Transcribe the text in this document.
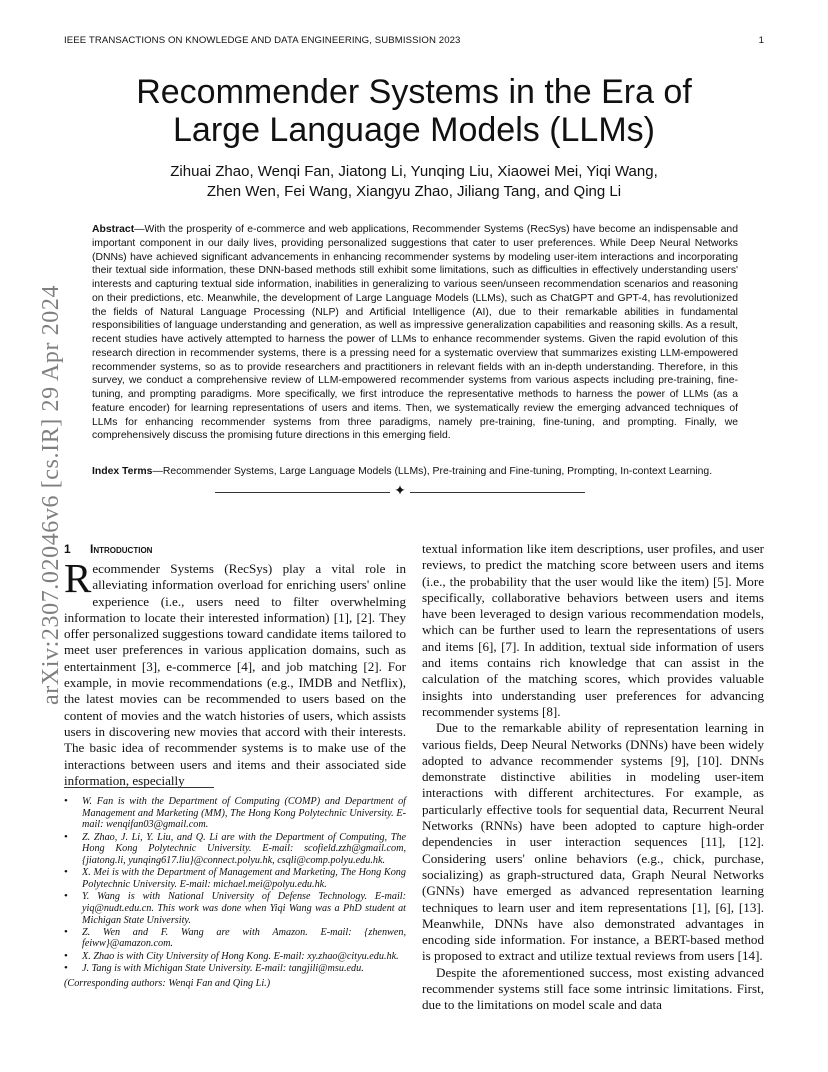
IEEE TRANSACTIONS ON KNOWLEDGE AND DATA ENGINEERING, SUBMISSION 2023	1
arXiv:2307.02046v6 [cs.IR] 29 Apr 2024
Recommender Systems in the Era of
Large Language Models (LLMs)
Zihuai Zhao, Wenqi Fan, Jiatong Li, Yunqing Liu, Xiaowei Mei, Yiqi Wang,
Zhen Wen, Fei Wang, Xiangyu Zhao, Jiliang Tang, and Qing Li
Abstract—With the prosperity of e-commerce and web applications, Recommender Systems (RecSys) have become an indispensable and important component in our daily lives, providing personalized suggestions that cater to user preferences. While Deep Neural Networks (DNNs) have achieved significant advancements in enhancing recommender systems by modeling user-item interactions and incorporating their textual side information, these DNN-based methods still exhibit some limitations, such as difficulties in effectively understanding users' interests and capturing textual side information, inabilities in generalizing to various seen/unseen recommendation scenarios and reasoning on their predictions, etc. Meanwhile, the development of Large Language Models (LLMs), such as ChatGPT and GPT-4, has revolutionized the fields of Natural Language Processing (NLP) and Artificial Intelligence (AI), due to their remarkable abilities in fundamental responsibilities of language understanding and generation, as well as impressive generalization capabilities and reasoning skills. As a result, recent studies have actively attempted to harness the power of LLMs to enhance recommender systems. Given the rapid evolution of this research direction in recommender systems, there is a pressing need for a systematic overview that summarizes existing LLM-empowered recommender systems, so as to provide researchers and practitioners in relevant fields with an in-depth understanding. Therefore, in this survey, we conduct a comprehensive review of LLM-empowered recommender systems from various aspects including pre-training, fine-tuning, and prompting paradigms. More specifically, we first introduce the representative methods to harness the power of LLMs (as a feature encoder) for learning representations of users and items. Then, we systematically review the emerging advanced techniques of LLMs for enhancing recommender systems from three paradigms, namely pre-training, fine-tuning, and prompting. Finally, we comprehensively discuss the promising future directions in this emerging field.
Index Terms—Recommender Systems, Large Language Models (LLMs), Pre-training and Fine-tuning, Prompting, In-context Learning.
✦
1	Introduction

Recommender Systems (RecSys) play a vital role in alleviating information overload for enriching users' online experience (i.e., users need to filter overwhelming information to locate their interested information) [1], [2]. They offer personalized suggestions toward candidate items tailored to meet user preferences in various application domains, such as entertainment [3], e-commerce [4], and job matching [2]. For example, in movie recommendations (e.g., IMDB and Netflix), the latest movies can be recommended to users based on the content of movies and the watch histories of users, which assists users in discovering new movies that accord with their interests. The basic idea of recommender systems is to make use of the interactions between users and items and their associated side information, especially

• W. Fan is with the Department of Computing (COMP) and Department of Management and Marketing (MM), The Hong Kong Polytechnic University. E-mail: wenqifan03@gmail.com.
• Z. Zhao, J. Li, Y. Liu, and Q. Li are with the Department of Computing, The Hong Kong Polytechnic University. E-mail: scofield.zzh@gmail.com, {jiatong.li, yunqing617.liu}@connect.polyu.hk, csqli@comp.polyu.edu.hk.
• X. Mei is with the Department of Management and Marketing, The Hong Kong Polytechnic University. E-mail: michael.mei@polyu.edu.hk.
• Y. Wang is with National University of Defense Technology. E-mail: yiq@nudt.edu.cn. This work was done when Yiqi Wang was a PhD student at Michigan State University.
• Z. Wen and F. Wang are with Amazon. E-mail: {zhenwen, feiww}@amazon.com.
• X. Zhao is with City University of Hong Kong. E-mail: xy.zhao@cityu.edu.hk.
• J. Tang is with Michigan State University. E-mail: tangjili@msu.edu.
(Corresponding authors: Wenqi Fan and Qing Li.)

textual information like item descriptions, user profiles, and user reviews, to predict the matching score between users and items (i.e., the probability that the user would like the item) [5]. More specifically, collaborative behaviors between users and items have been leveraged to design various recommendation models, which can be further used to learn the representations of users and items [6], [7]. In addition, textual side information of users and items contains rich knowledge that can assist in the calculation of the matching scores, which provides valuable insights into understanding user preferences for advancing recommender systems [8].

Due to the remarkable ability of representation learning in various fields, Deep Neural Networks (DNNs) have been widely adopted to advance recommender systems [9], [10]. DNNs demonstrate distinctive abilities in modeling user-item interactions with different architectures. For example, as particularly effective tools for sequential data, Recurrent Neural Networks (RNNs) have been adopted to capture high-order dependencies in user interaction sequences [11], [12]. Considering users' online behaviors (e.g., chick, purchase, socializing) as graph-structured data, Graph Neural Networks (GNNs) have emerged as advanced representation learning techniques to learn user and item representations [1], [6], [13]. Meanwhile, DNNs have also demonstrated advantages in encoding side information. For instance, a BERT-based method is proposed to extract and utilize textual reviews from users [14].

Despite the aforementioned success, most existing advanced recommender systems still face some intrinsic limitations. First, due to the limitations on model scale and data
